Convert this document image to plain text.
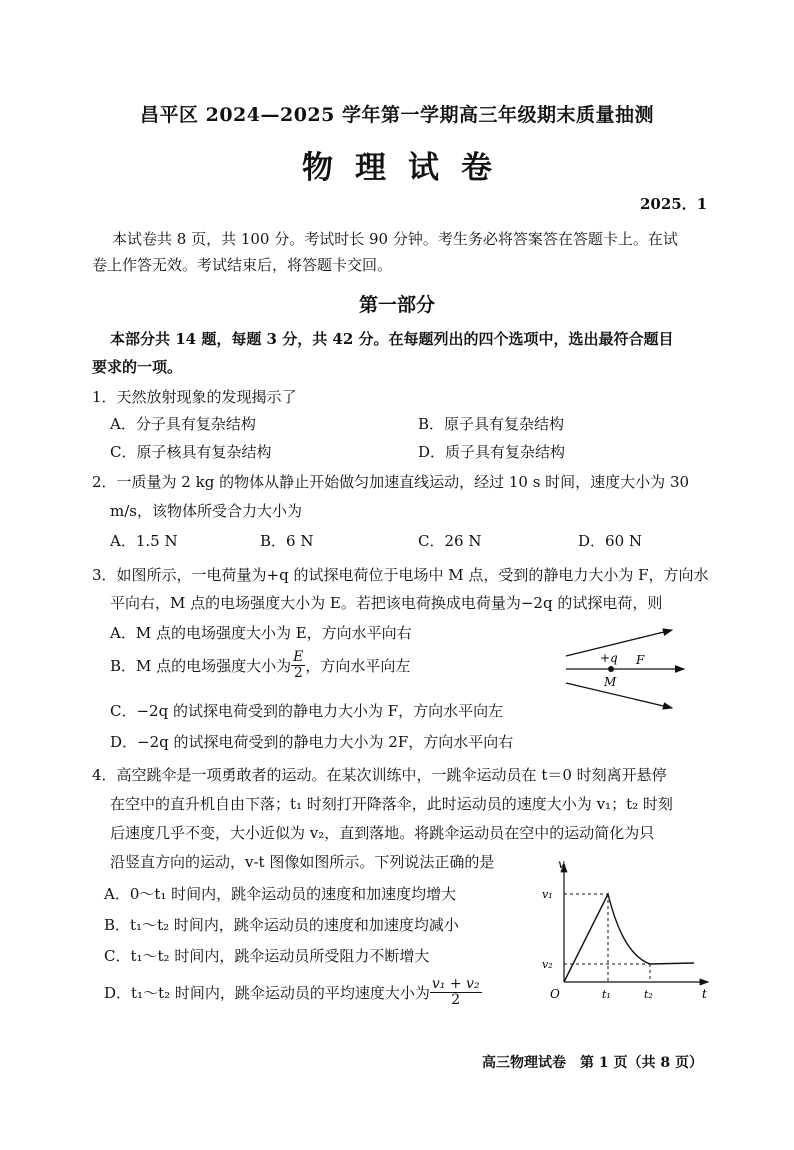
昌平区 2024—2025 学年第一学期高三年级期末质量抽测
物理试卷
2025．1
本试卷共 8 页，共 100 分。考试时长 90 分钟。考生务必将答案答在答题卡上。在试
卷上作答无效。考试结束后，将答题卡交回。
第一部分
本部分共 14 题，每题 3 分，共 42 分。在每题列出的四个选项中，选出最符合题目
要求的一项。
1．天然放射现象的发现揭示了
A．分子具有复杂结构	B．原子具有复杂结构
C．原子核具有复杂结构	D．质子具有复杂结构
2．一质量为 2 kg 的物体从静止开始做匀加速直线运动，经过 10 s 时间，速度大小为 30
m/s，该物体所受合力大小为
A．1.5 N	B．6 N	C．26 N	D．60 N
3．如图所示，一电荷量为+q 的试探电荷位于电场中 M 点，受到的静电力大小为 F，方向水
平向右，M 点的电场强度大小为 E。若把该电荷换成电荷量为−2q 的试探电荷，则
A．M 点的电场强度大小为 E，方向水平向右
B．M 点的电场强度大小为 $\frac{E}{2}$ ，方向水平向左
C．−2q 的试探电荷受到的静电力大小为 F，方向水平向左
D．−2q 的试探电荷受到的静电力大小为 2F，方向水平向右
+q F
M
4．高空跳伞是一项勇敢者的运动。在某次训练中，一跳伞运动员在 t＝0 时刻离开悬停
在空中的直升机自由下落；t₁ 时刻打开降落伞，此时运动员的速度大小为 v₁；t₂ 时刻
后速度几乎不变，大小近似为 v₂，直到落地。将跳伞运动员在空中的运动简化为只
沿竖直方向的运动，v-t 图像如图所示。下列说法正确的是
A．0～t₁ 时间内，跳伞运动员的速度和加速度均增大
B．t₁～t₂ 时间内，跳伞运动员的速度和加速度均减小
C．t₁～t₂ 时间内，跳伞运动员所受阻力不断增大
D．t₁～t₂ 时间内，跳伞运动员的平均速度大小为 $\frac{\text{v₁ + v₂}}{2}$
v
t
O
v₁
v₂
t₁	t₂
高三物理试卷　第 1 页（共 8 页）
